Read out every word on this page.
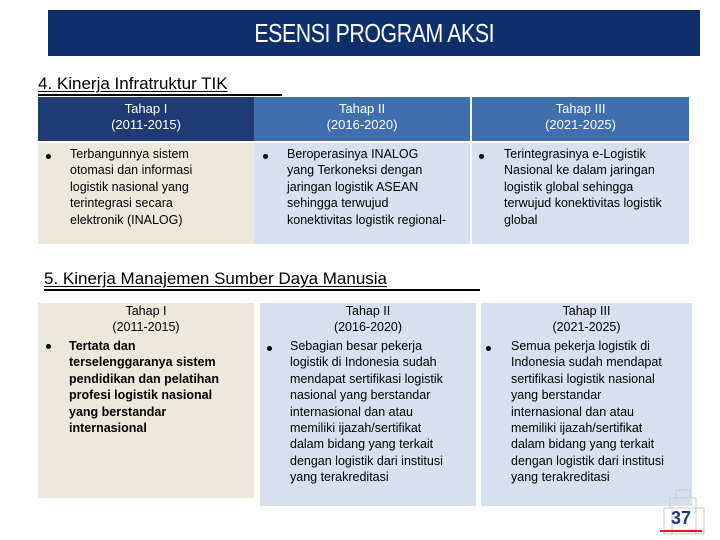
ESENSI PROGRAM AKSI
4. Kinerja Infratruktur TIK
Tahap I
(2011-2015)
Tahap II
(2016-2020)
Tahap III
(2021-2025)
Terbangunnya sistem
otomasi dan informasi
logistik nasional yang
terintegrasi secara
elektronik (INALOG)
Beroperasinya INALOG
yang Terkoneksi dengan
jaringan logistik ASEAN
sehingga terwujud
konektivitas logistik regional-
Terintegrasinya e-Logistik
Nasional ke dalam jaringan
logistik global sehingga
terwujud konektivitas logistik
global
5. Kinerja Manajemen Sumber Daya Manusia
Tahap I
(2011-2015)
Tertata dan
terselenggaranya sistem
pendidikan dan pelatihan
profesi logistik nasional
yang berstandar
internasional
Tahap II
(2016-2020)
Sebagian besar pekerja
logistik di Indonesia sudah
mendapat sertifikasi logistik
nasional yang berstandar
internasional dan atau
memiliki ijazah/sertifikat
dalam bidang yang terkait
dengan logistik dari institusi
yang terakreditasi
Tahap III
(2021-2025)
Semua pekerja logistik di
Indonesia sudah mendapat
sertifikasi logistik nasional
yang berstandar
internasional dan atau
memiliki ijazah/sertifikat
dalam bidang yang terkait
dengan logistik dari institusi
yang terakreditasi
37
